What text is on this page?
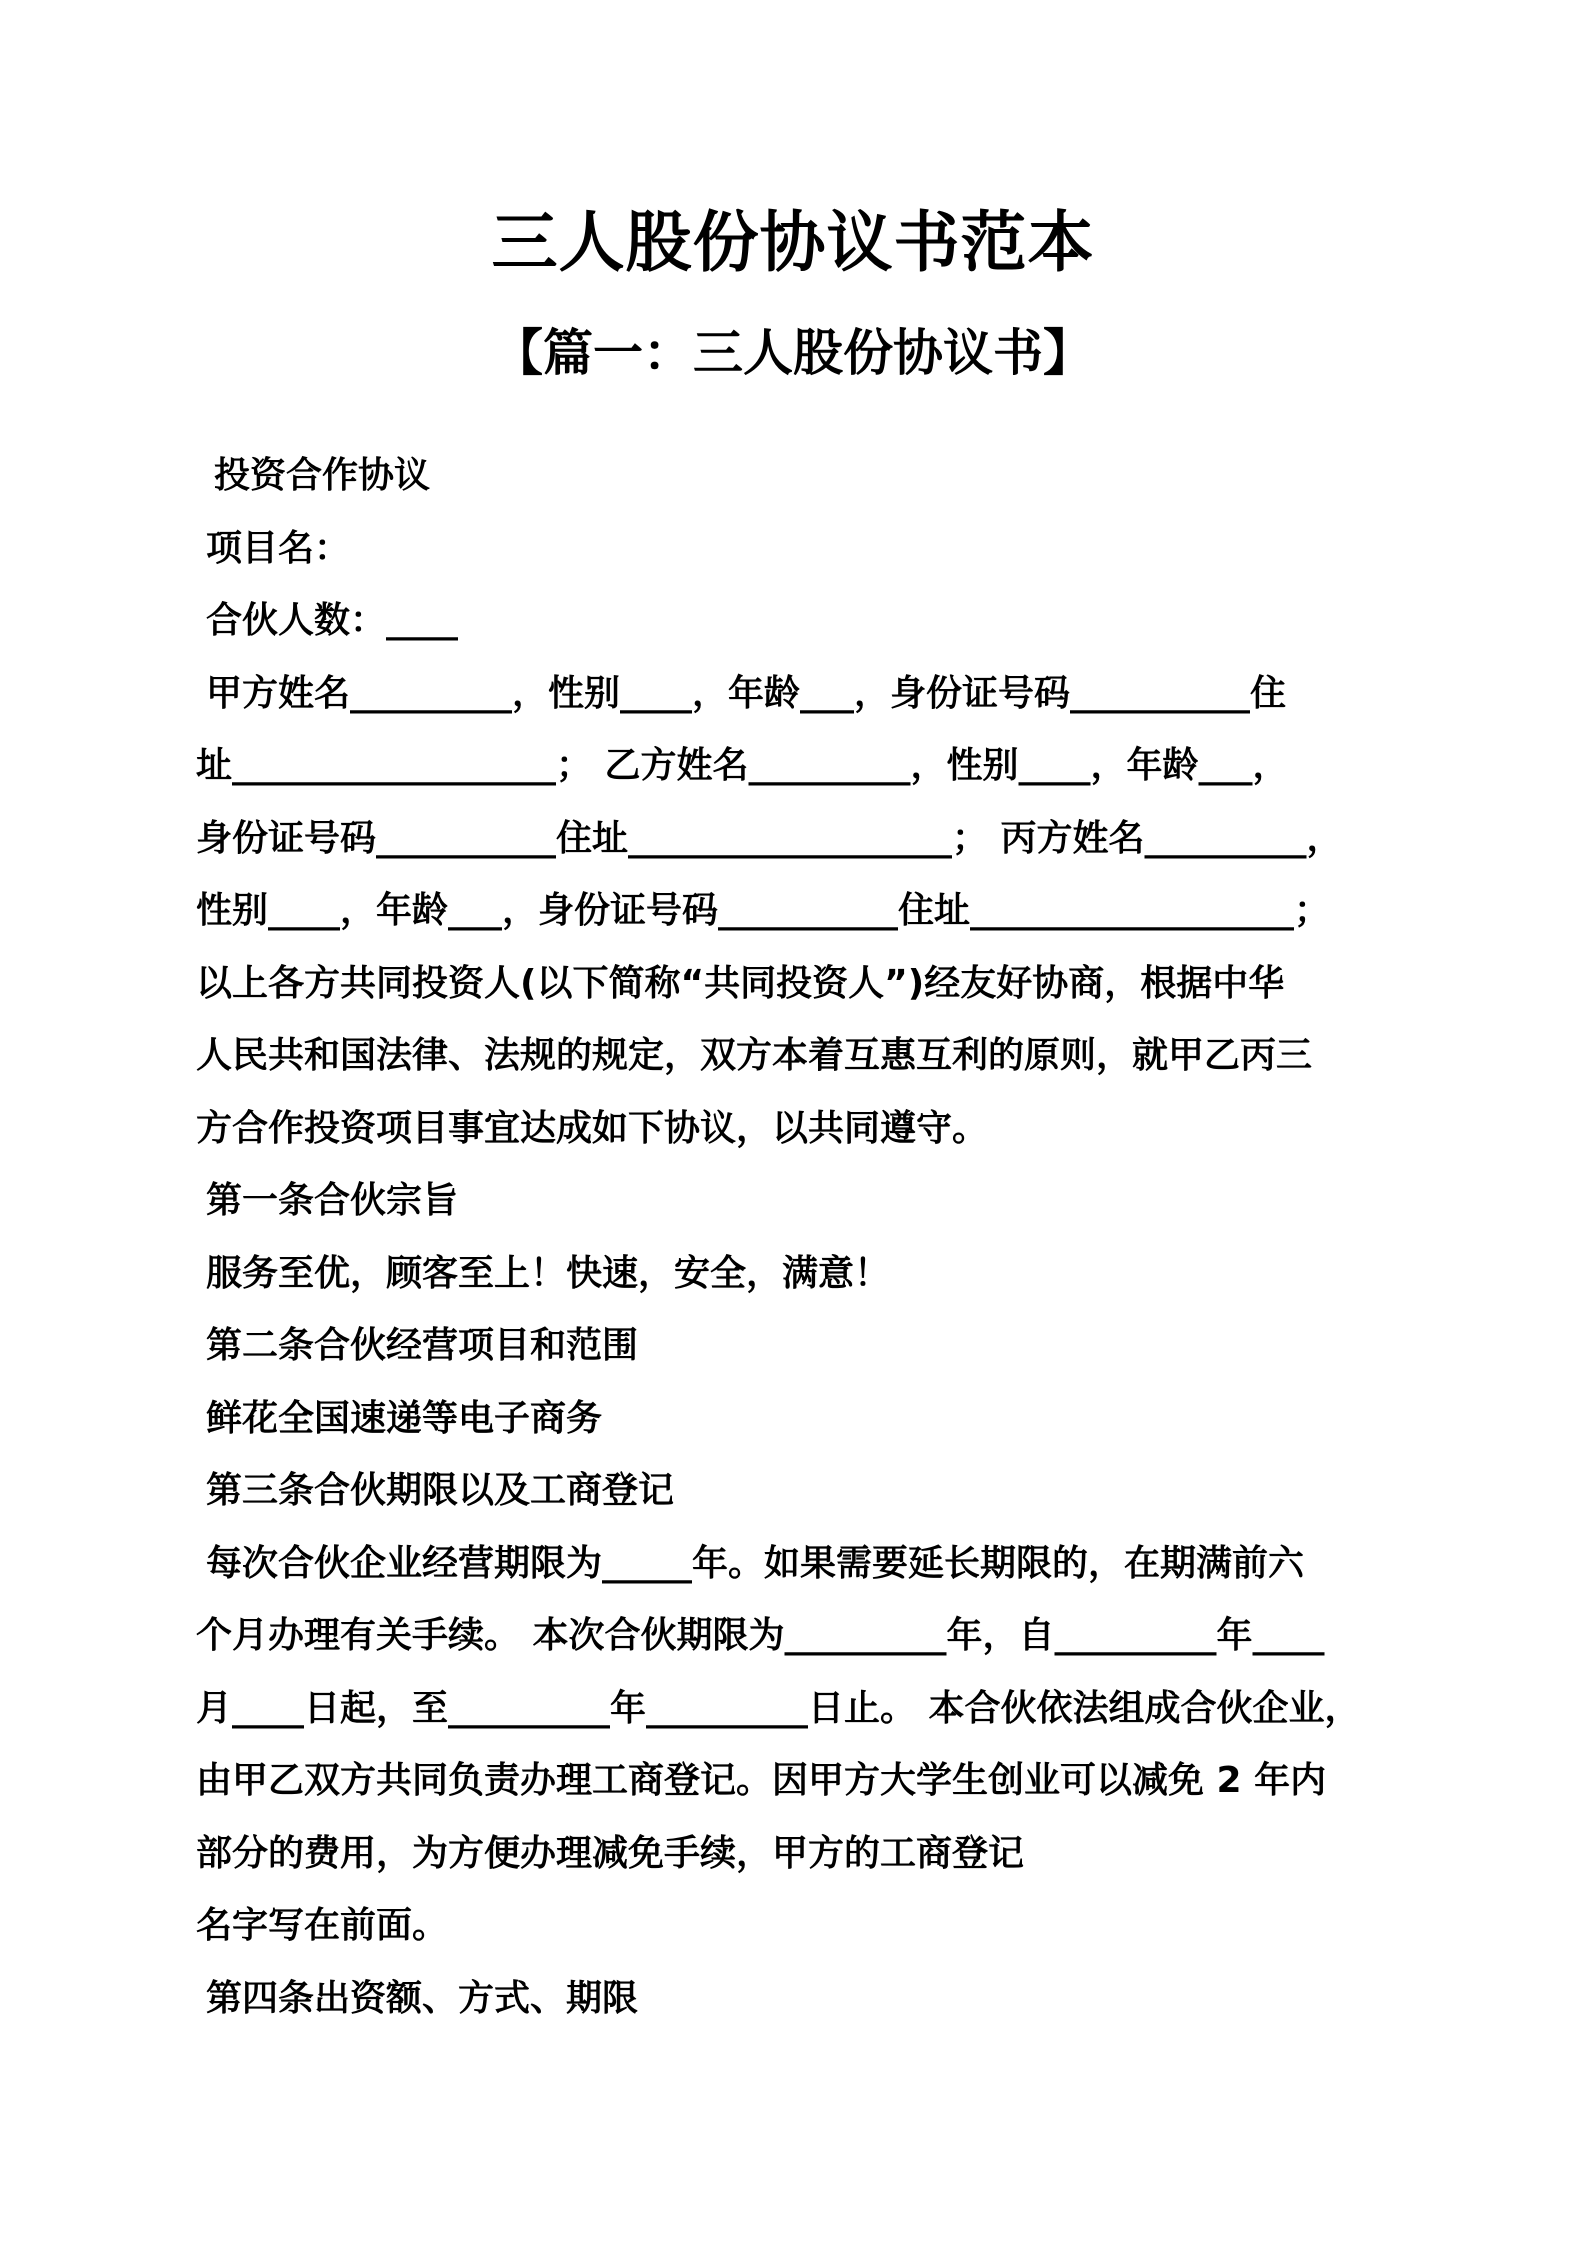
三人股份协议书范本
【篇一：三人股份协议书】
投资合作协议
项目名：
合伙人数：____
甲方姓名_________，性别____，年龄___，身份证号码__________住
址__________________； 乙方姓名_________，性别____，年龄___，
身份证号码__________住址__________________； 丙方姓名_________，
性别____，年龄___，身份证号码__________住址__________________；
以上各方共同投资人(以下简称“共同投资人”)经友好协商，根据中华
人民共和国法律、法规的规定，双方本着互惠互利的原则，就甲乙丙三
方合作投资项目事宜达成如下协议，以共同遵守。
第一条合伙宗旨
服务至优，顾客至上！快速，安全，满意！
第二条合伙经营项目和范围
鲜花全国速递等电子商务
第三条合伙期限以及工商登记
每次合伙企业经营期限为_____年。如果需要延长期限的，在期满前六
个月办理有关手续。 本次合伙期限为_________年，自_________年____
月____日起，至_________年_________日止。 本合伙依法组成合伙企业，
由甲乙双方共同负责办理工商登记。因甲方大学生创业可以减免 2 年内
部分的费用，为方便办理减免手续，甲方的工商登记
名字写在前面。
第四条出资额、方式、期限
